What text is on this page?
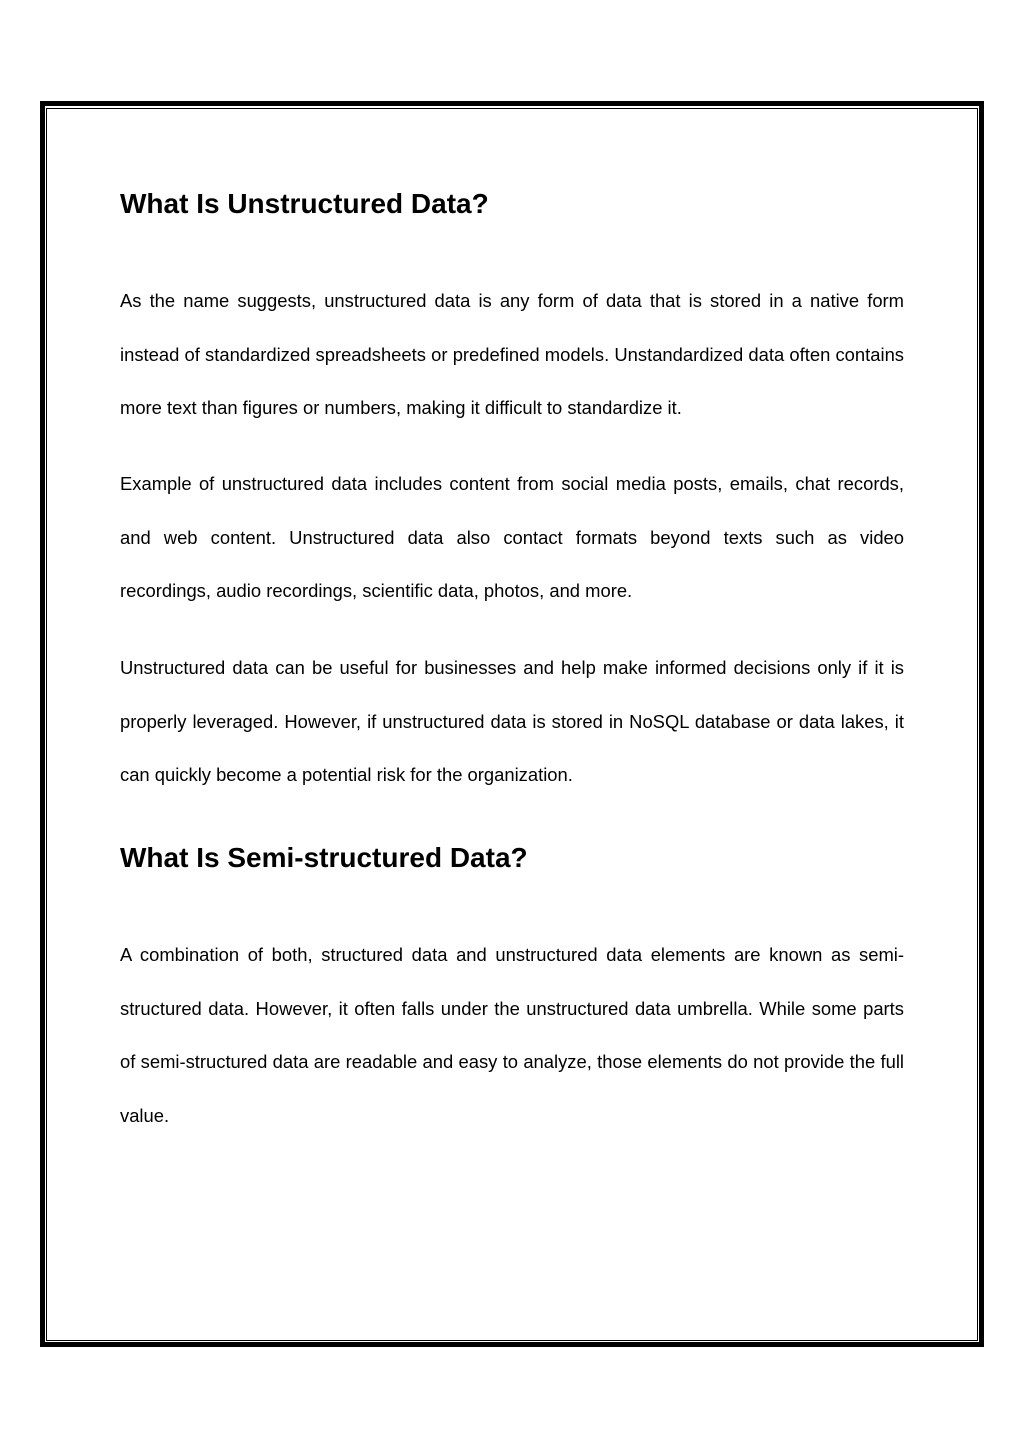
What Is Unstructured Data?

As the name suggests, unstructured data is any form of data that is stored in a native form instead of standardized spreadsheets or predefined models. Unstandardized data often contains more text than figures or numbers, making it difficult to standardize it.

Example of unstructured data includes content from social media posts, emails, chat records, and web content. Unstructured data also contact formats beyond texts such as video recordings, audio recordings, scientific data, photos, and more.

Unstructured data can be useful for businesses and help make informed decisions only if it is properly leveraged. However, if unstructured data is stored in NoSQL database or data lakes, it can quickly become a potential risk for the organization.

What Is Semi-structured Data?

A combination of both, structured data and unstructured data elements are known as semi-structured data. However, it often falls under the unstructured data umbrella. While some parts of semi-structured data are readable and easy to analyze, those elements do not provide the full value.
